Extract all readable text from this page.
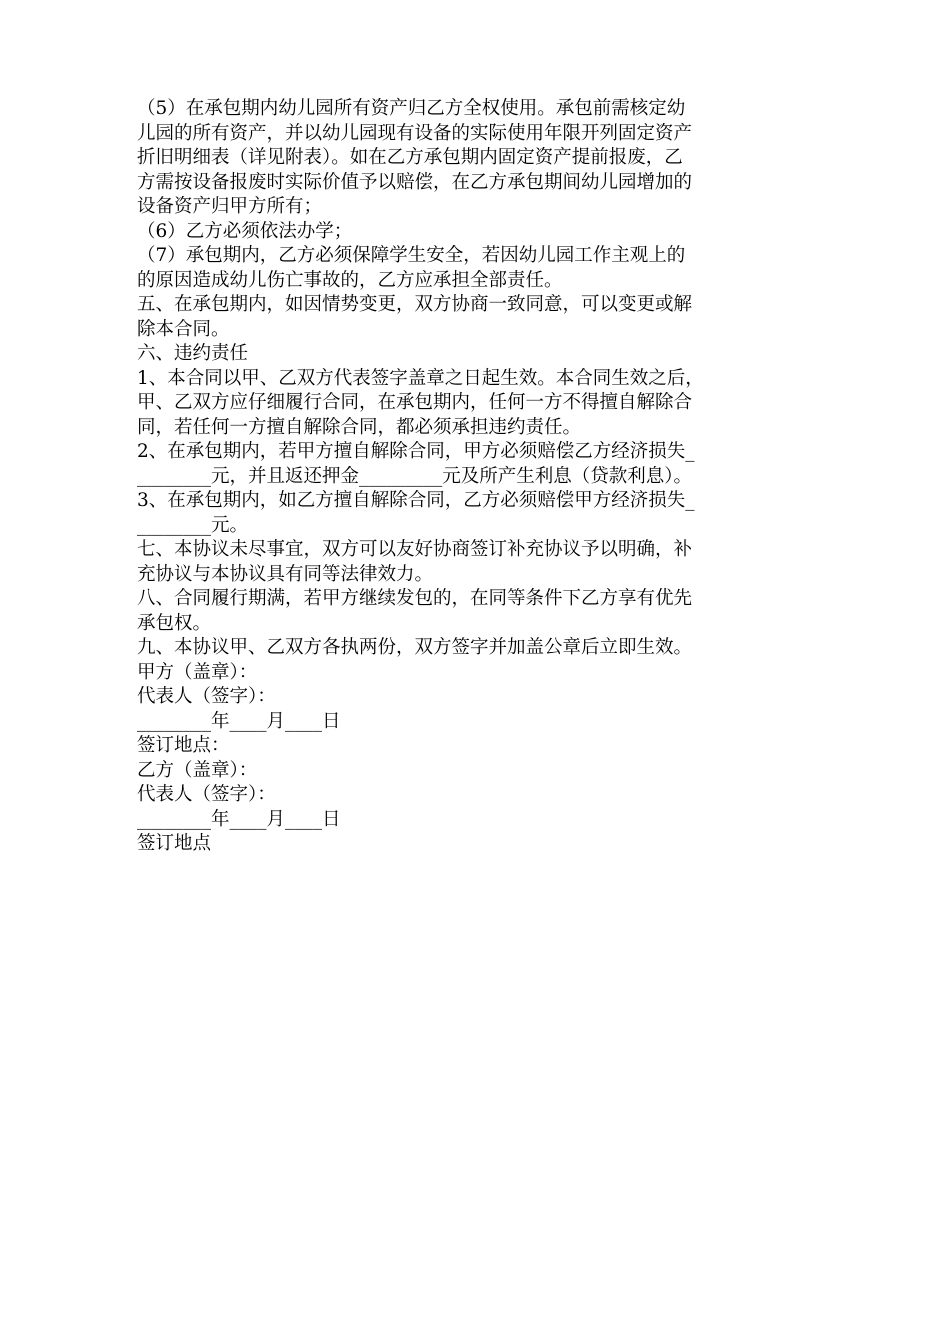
（5）在承包期内幼儿园所有资产归乙方全权使用。承包前需核定幼
儿园的所有资产，并以幼儿园现有设备的实际使用年限开列固定资产
折旧明细表（详见附表）。如在乙方承包期内固定资产提前报废，乙
方需按设备报废时实际价值予以赔偿，在乙方承包期间幼儿园增加的
设备资产归甲方所有；
（6）乙方必须依法办学；
（7）承包期内，乙方必须保障学生安全，若因幼儿园工作主观上的
的原因造成幼儿伤亡事故的，乙方应承担全部责任。
五、在承包期内，如因情势变更，双方协商一致同意，可以变更或解
除本合同。
六、违约责任
1、本合同以甲、乙双方代表签字盖章之日起生效。本合同生效之后，
甲、乙双方应仔细履行合同，在承包期内，任何一方不得擅自解除合
同，若任何一方擅自解除合同，都必须承担违约责任。
2、在承包期内，若甲方擅自解除合同，甲方必须赔偿乙方经济损失_
________元，并且返还押金_________元及所产生利息（贷款利息）。
3、在承包期内，如乙方擅自解除合同，乙方必须赔偿甲方经济损失_
________元。
七、本协议未尽事宜，双方可以友好协商签订补充协议予以明确，补
充协议与本协议具有同等法律效力。
八、合同履行期满，若甲方继续发包的，在同等条件下乙方享有优先
承包权。
九、本协议甲、乙双方各执两份，双方签字并加盖公章后立即生效。
甲方（盖章）：
代表人（签字）：
________年____月____日
签订地点：
乙方（盖章）：
代表人（签字）：
________年____月____日
签订地点
